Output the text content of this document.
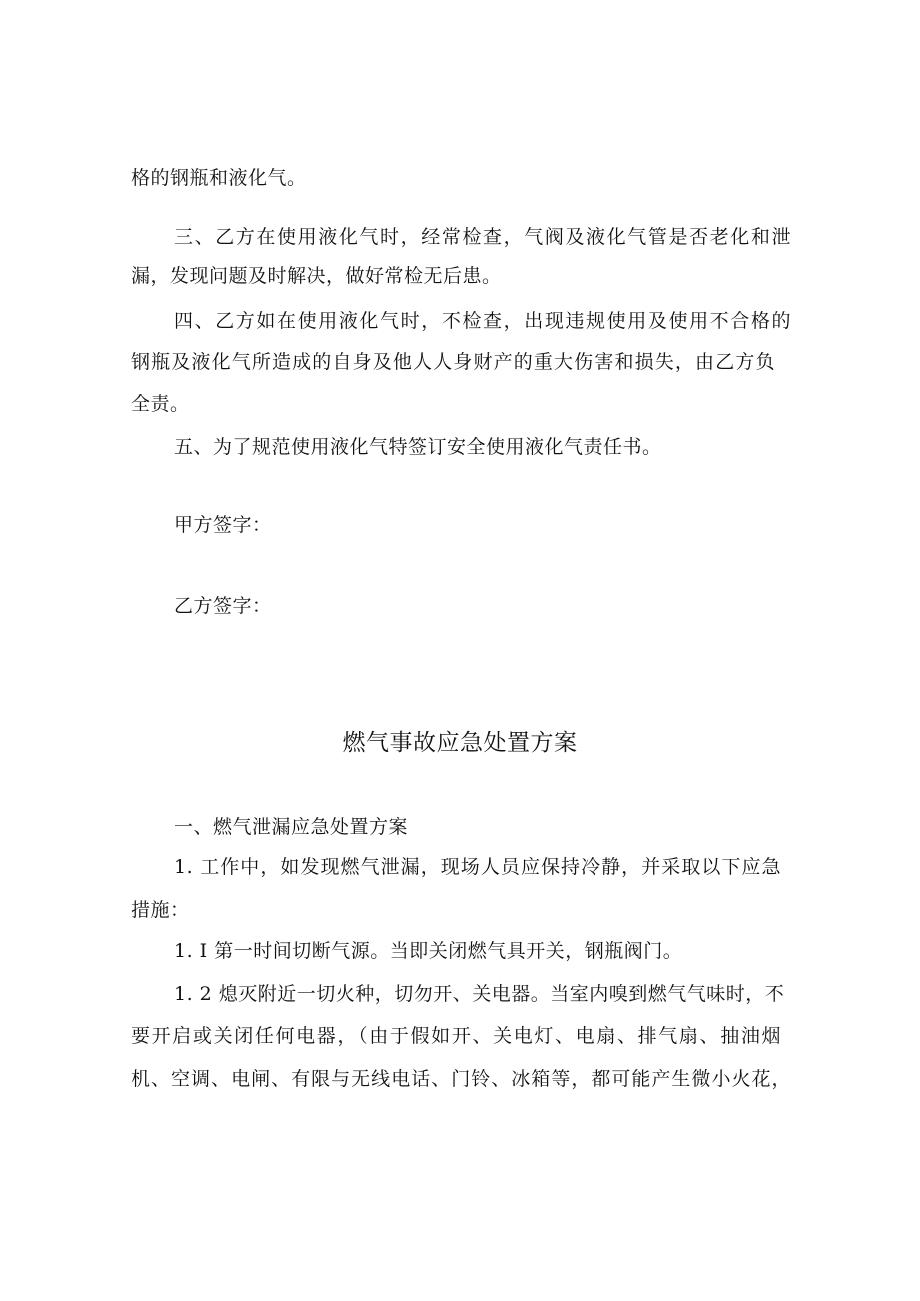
格的钢瓶和液化气。
三、乙方在使用液化气时，经常检查，气阀及液化气管是否老化和泄
漏，发现问题及时解决，做好常检无后患。
四、乙方如在使用液化气时，不检查，出现违规使用及使用不合格的
钢瓶及液化气所造成的自身及他人人身财产的重大伤害和损失，由乙方负
全责。
五、为了规范使用液化气特签订安全使用液化气责任书。
甲方签字：
乙方签字：
燃气事故应急处置方案
一、燃气泄漏应急处置方案
1. 工作中，如发现燃气泄漏，现场人员应保持冷静，并采取以下应急
措施：
1. I 第一时间切断气源。当即关闭燃气具开关，钢瓶阀门。
1. 2 熄灭附近一切火种，切勿开、关电器。当室内嗅到燃气气味时，不
要开启或关闭任何电器，（由于假如开、关电灯、电扇、排气扇、抽油烟
机、空调、电闸、有限与无线电话、门铃、冰箱等，都可能产生微小火花，
